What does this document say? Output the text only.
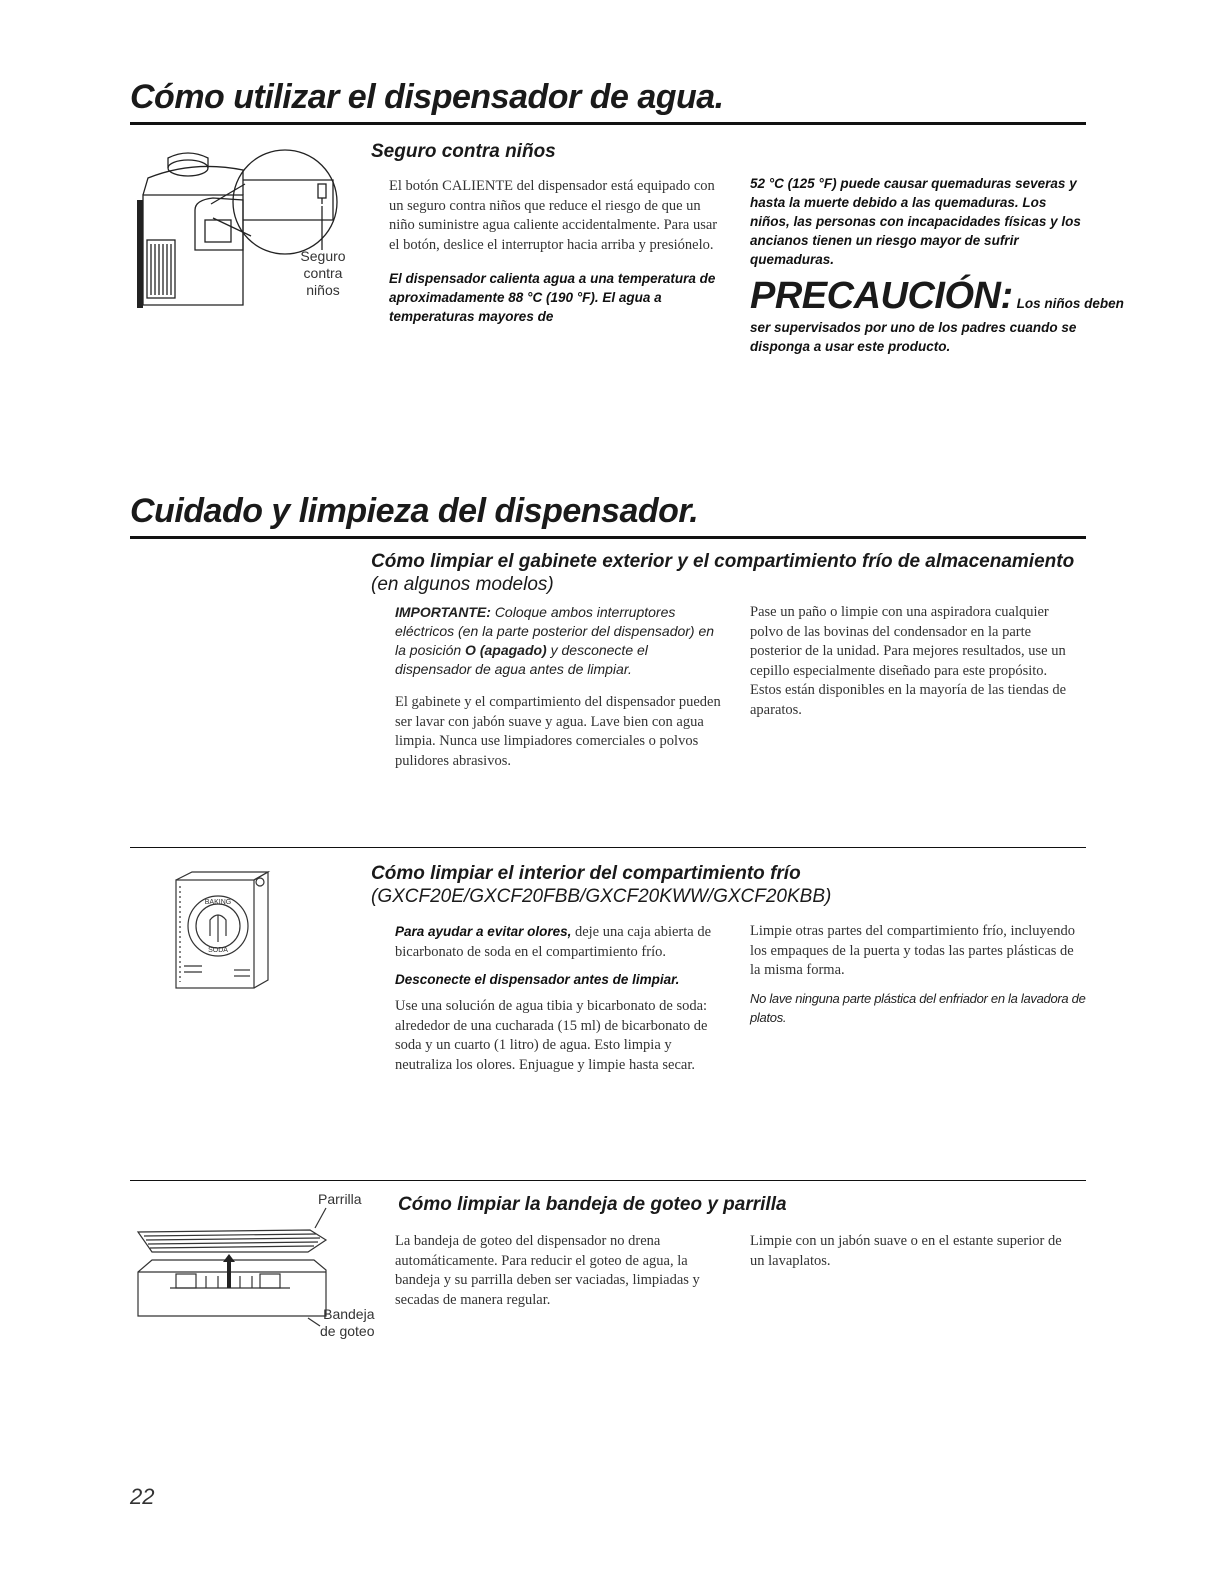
Cómo utilizar el dispensador de agua.
Seguro
contra
niños
Seguro contra niños

El botón CALIENTE del dispensador está equipado con un seguro contra niños que reduce el riesgo de que un niño suministre agua caliente accidentalmente. Para usar el botón, deslice el interruptor hacia arriba y presiónelo.

El dispensador calienta agua a una temperatura de aproximadamente 88 °C (190 °F). El agua a temperaturas mayores de

52 °C (125 °F) puede causar quemaduras severas y hasta la muerte debido a las quemaduras. Los niños, las personas con incapacidades físicas y los ancianos tienen un riesgo mayor de sufrir quemaduras.

PRECAUCIÓN: Los niños deben

ser supervisados por uno de los padres cuando se disponga a usar este producto.

Cuidado y limpieza del dispensador.
Cómo limpiar el gabinete exterior y el compartimiento frío de almacenamiento (en algunos modelos)

IMPORTANTE: Coloque ambos interruptores eléctricos (en la parte posterior del dispensador) en la posición O (apagado) y desconecte el dispensador de agua antes de limpiar.

El gabinete y el compartimiento del dispensador pueden ser lavar con jabón suave y agua. Lave bien con agua limpia. Nunca use limpiadores comerciales o polvos pulidores abrasivos.

Pase un paño o limpie con una aspiradora cualquier polvo de las bovinas del condensador en la parte posterior de la unidad. Para mejores resultados, use un cepillo especialmente diseñado para este propósito. Estos están disponibles en la mayoría de las tiendas de aparatos.

BAKING
SODA
Cómo limpiar el interior del compartimiento frío
(GXCF20E/GXCF20FBB/GXCF20KWW/GXCF20KBB)

Para ayudar a evitar olores, deje una caja abierta de bicarbonato de soda en el compartimiento frío.

Desconecte el dispensador antes de limpiar.

Use una solución de agua tibia y bicarbonato de soda: alrededor de una cucharada (15 ml) de bicarbonato de soda y un cuarto (1 litro) de agua. Esto limpia y neutraliza los olores. Enjuague y limpie hasta secar.

Limpie otras partes del compartimiento frío, incluyendo los empaques de la puerta y todas las partes plásticas de la misma forma.

No lave ninguna parte plástica del enfriador en la lavadora de platos.

Parrilla
Bandeja
de goteo
Cómo limpiar la bandeja de goteo y parrilla

La bandeja de goteo del dispensador no drena automáticamente. Para reducir el goteo de agua, la bandeja y su parrilla deben ser vaciadas, limpiadas y secadas de manera regular.

Limpie con un jabón suave o en el estante superior de un lavaplatos.

22
